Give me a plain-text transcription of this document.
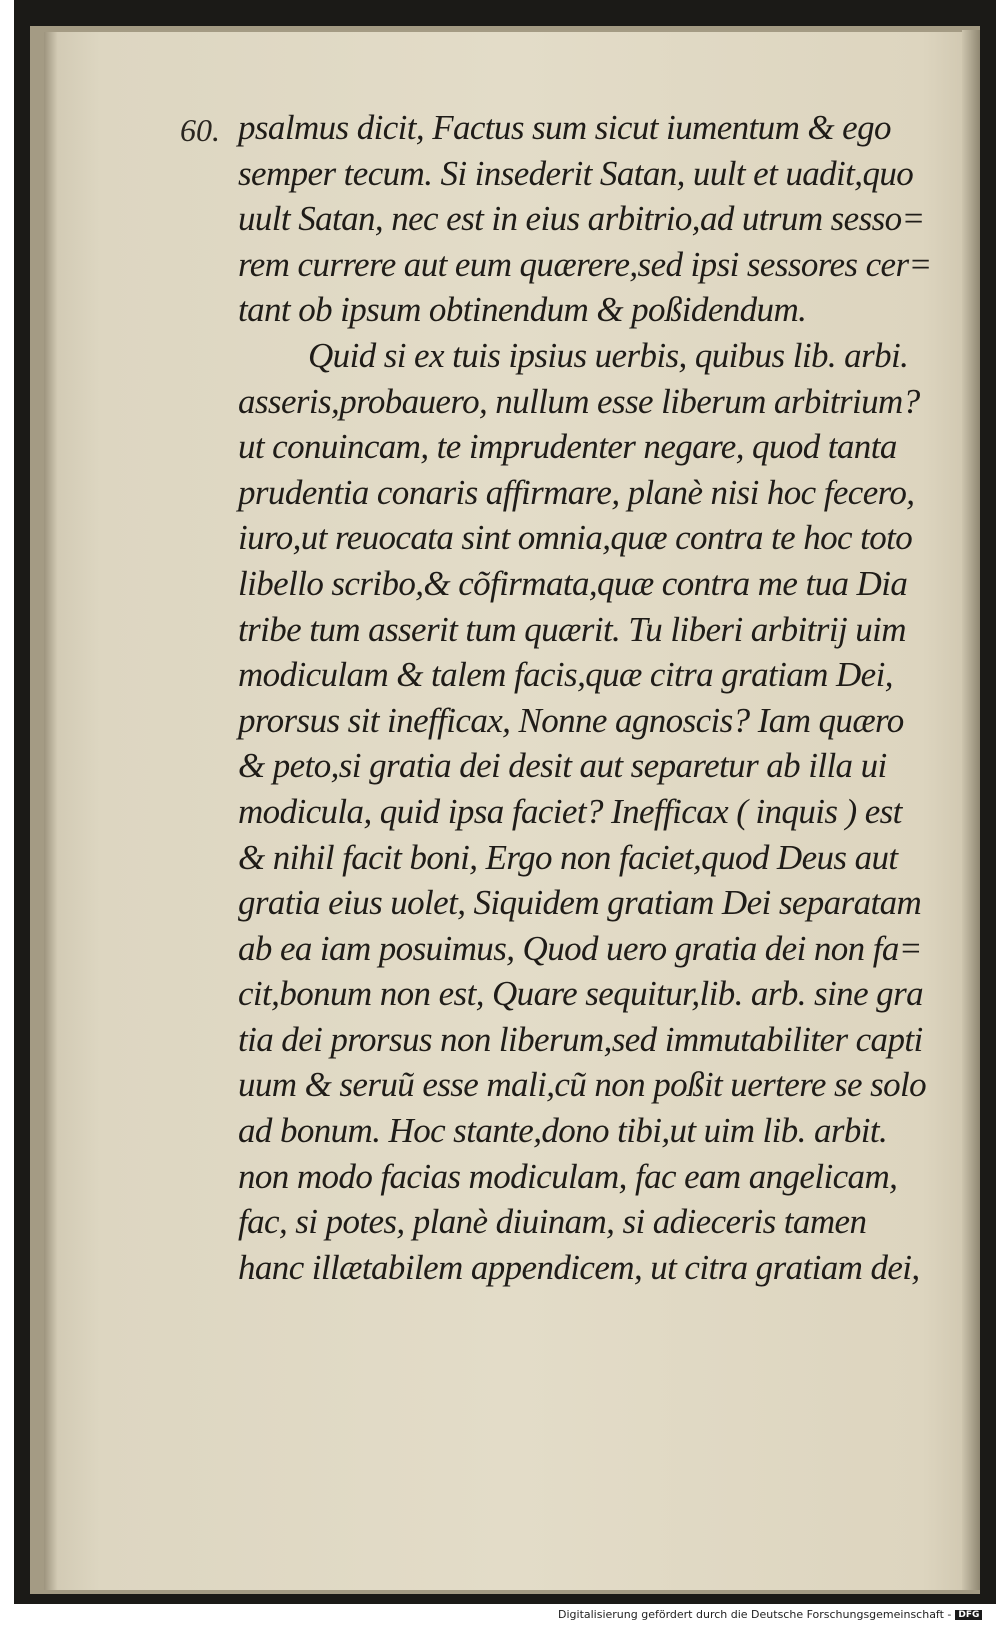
60. psalmus dicit, Factus sum sicut iumentum & ego
semper tecum. Si insederit Satan, uult et uadit,quo
uult Satan, nec est in eius arbitrio,ad utrum sesso=
rem currere aut eum quærere,sed ipsi sessores cer=
tant ob ipsum obtinendum & poßidendum.
Quid si ex tuis ipsius uerbis, quibus lib. arbi.
asseris,probauero, nullum esse liberum arbitrium?
ut conuincam, te imprudenter negare, quod tanta
prudentia conaris affirmare, planè nisi hoc fecero,
iuro,ut reuocata sint omnia,quæ contra te hoc toto
libello scribo,& cõfirmata,quæ contra me tua Dia
tribe tum asserit tum quærit. Tu liberi arbitrij uim
modiculam & talem facis,quæ citra gratiam Dei,
prorsus sit inefficax, Nonne agnoscis? Iam quæro
& peto,si gratia dei desit aut separetur ab illa ui
modicula, quid ipsa faciet? Inefficax ( inquis ) est
& nihil facit boni, Ergo non faciet,quod Deus aut
gratia eius uolet, Siquidem gratiam Dei separatam
ab ea iam posuimus, Quod uero gratia dei non fa=
cit,bonum non est, Quare sequitur,lib. arb. sine gra
tia dei prorsus non liberum,sed immutabiliter capti
uum & seruũ esse mali,cũ non poßit uertere se solo
ad bonum. Hoc stante,dono tibi,ut uim lib. arbit.
non modo facias modiculam, fac eam angelicam,
fac, si potes, planè diuinam, si adieceris tamen
hanc illætabilem appendicem, ut citra gratiam dei,
Digitalisierung gefördert durch die Deutsche Forschungsgemeinschaft - DFG
